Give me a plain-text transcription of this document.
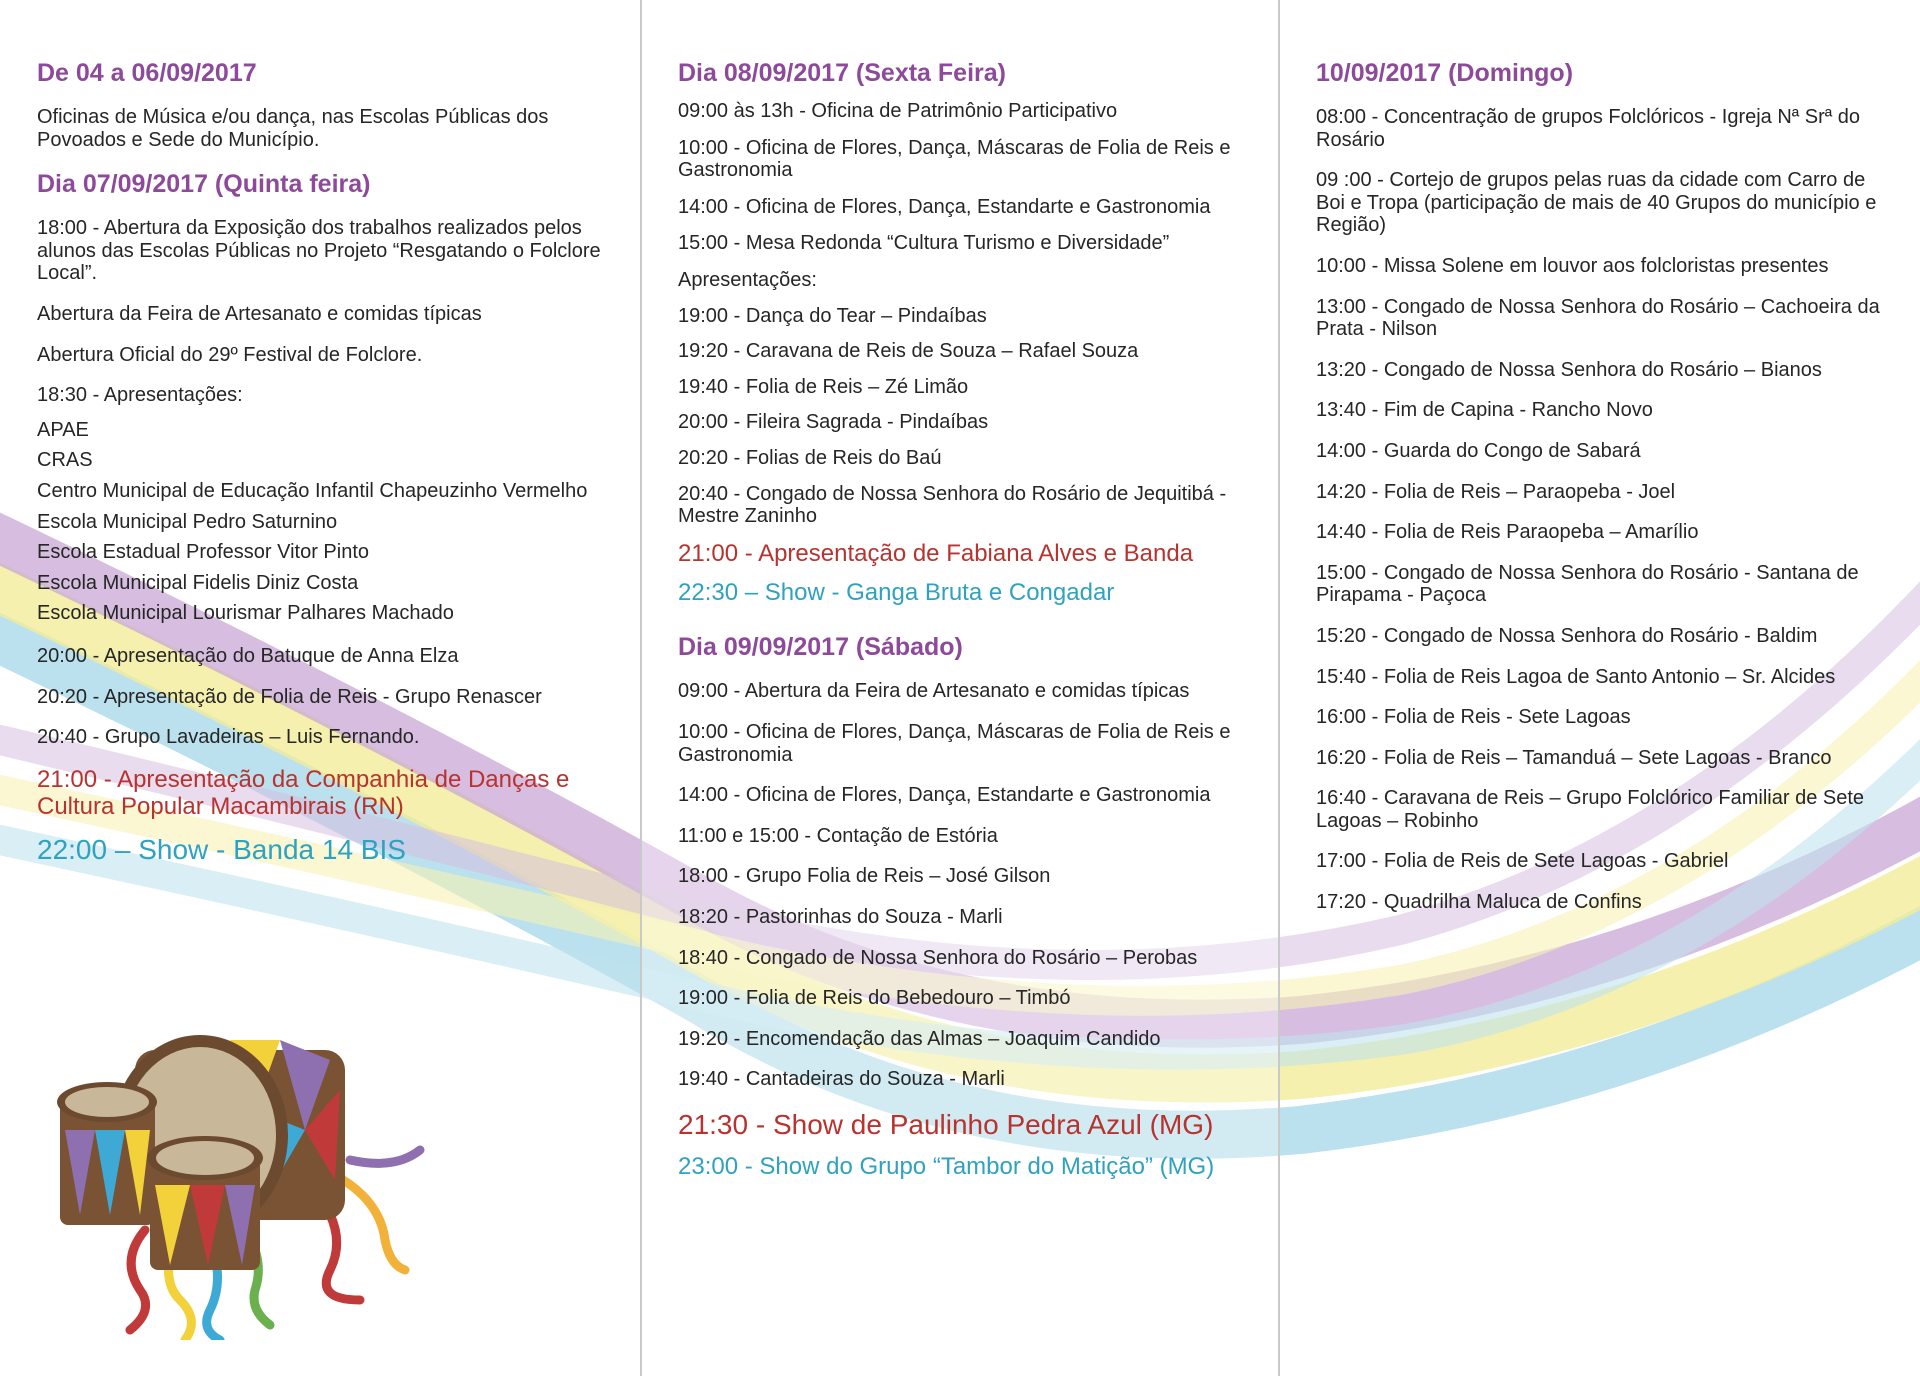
De 04 a 06/09/2017
Oficinas de Música e/ou dança, nas Escolas Públicas dos Povoados e Sede do Município.
Dia 07/09/2017 (Quinta feira)
18:00 - Abertura da Exposição dos trabalhos realizados pelos alunos das Escolas Públicas no Projeto “Resgatando o Folclore Local”.
Abertura da Feira de Artesanato e comidas típicas
Abertura Oficial do 29º Festival de Folclore.
18:30 - Apresentações:
APAE
CRAS
Centro Municipal de Educação Infantil Chapeuzinho Vermelho
Escola Municipal Pedro Saturnino
Escola Estadual Professor Vitor Pinto
Escola Municipal Fidelis Diniz Costa
Escola Municipal Lourismar Palhares Machado
20:00 - Apresentação do Batuque de Anna Elza
20:20 - Apresentação de Folia de Reis - Grupo Renascer
20:40 - Grupo Lavadeiras – Luis Fernando.
21:00 - Apresentação da Companhia de Danças e Cultura Popular Macambirais (RN)
22:00 – Show - Banda 14 BIS
Dia 08/09/2017 (Sexta Feira)
09:00 às 13h - Oficina de Patrimônio Participativo
10:00 - Oficina de Flores, Dança, Máscaras de Folia de Reis e Gastronomia
14:00 - Oficina de Flores, Dança, Estandarte e Gastronomia
15:00 - Mesa Redonda “Cultura Turismo e Diversidade”
Apresentações:
19:00 - Dança do Tear – Pindaíbas
19:20 - Caravana de Reis de Souza – Rafael Souza
19:40 - Folia de Reis – Zé Limão
20:00 - Fileira Sagrada - Pindaíbas
20:20 - Folias de Reis do Baú
20:40 - Congado de Nossa Senhora do Rosário de Jequitibá - Mestre Zaninho
21:00 - Apresentação de Fabiana Alves e Banda
22:30 – Show - Ganga Bruta e Congadar
Dia 09/09/2017 (Sábado)
09:00 - Abertura da Feira de Artesanato e comidas típicas
10:00 - Oficina de Flores, Dança, Máscaras de Folia de Reis e Gastronomia
14:00 - Oficina de Flores, Dança, Estandarte e Gastronomia
11:00 e 15:00 - Contação de Estória
18:00 - Grupo Folia de Reis – José Gilson
18:20 - Pastorinhas do Souza - Marli
18:40 - Congado de Nossa Senhora do Rosário – Perobas
19:00 - Folia de Reis do Bebedouro – Timbó
19:20 - Encomendação das Almas – Joaquim Candido
19:40 - Cantadeiras do Souza - Marli
21:30 - Show de Paulinho Pedra Azul (MG)
23:00 - Show do Grupo “Tambor do Matição” (MG)
10/09/2017 (Domingo)
08:00 - Concentração de grupos Folclóricos - Igreja Nª Srª do Rosário
09 :00 - Cortejo de grupos pelas ruas da cidade com Carro de Boi e Tropa (participação de mais de 40 Grupos do município e Região)
10:00 - Missa Solene em louvor aos folcloristas presentes
13:00 - Congado de Nossa Senhora do Rosário – Cachoeira da Prata - Nilson
13:20 - Congado de Nossa Senhora do Rosário – Bianos
13:40 - Fim de Capina - Rancho Novo
14:00 - Guarda do Congo de Sabará
14:20 - Folia de Reis – Paraopeba - Joel
14:40 - Folia de Reis Paraopeba – Amarílio
15:00 - Congado de Nossa Senhora do Rosário - Santana de Pirapama - Paçoca
15:20 - Congado de Nossa Senhora do Rosário - Baldim
15:40 - Folia de Reis Lagoa de Santo Antonio – Sr. Alcides
16:00 - Folia de Reis - Sete Lagoas
16:20 - Folia de Reis – Tamanduá – Sete Lagoas - Branco
16:40 - Caravana de Reis – Grupo Folclórico Familiar de Sete Lagoas – Robinho
17:00 - Folia de Reis de Sete Lagoas - Gabriel
17:20 - Quadrilha Maluca de Confins
